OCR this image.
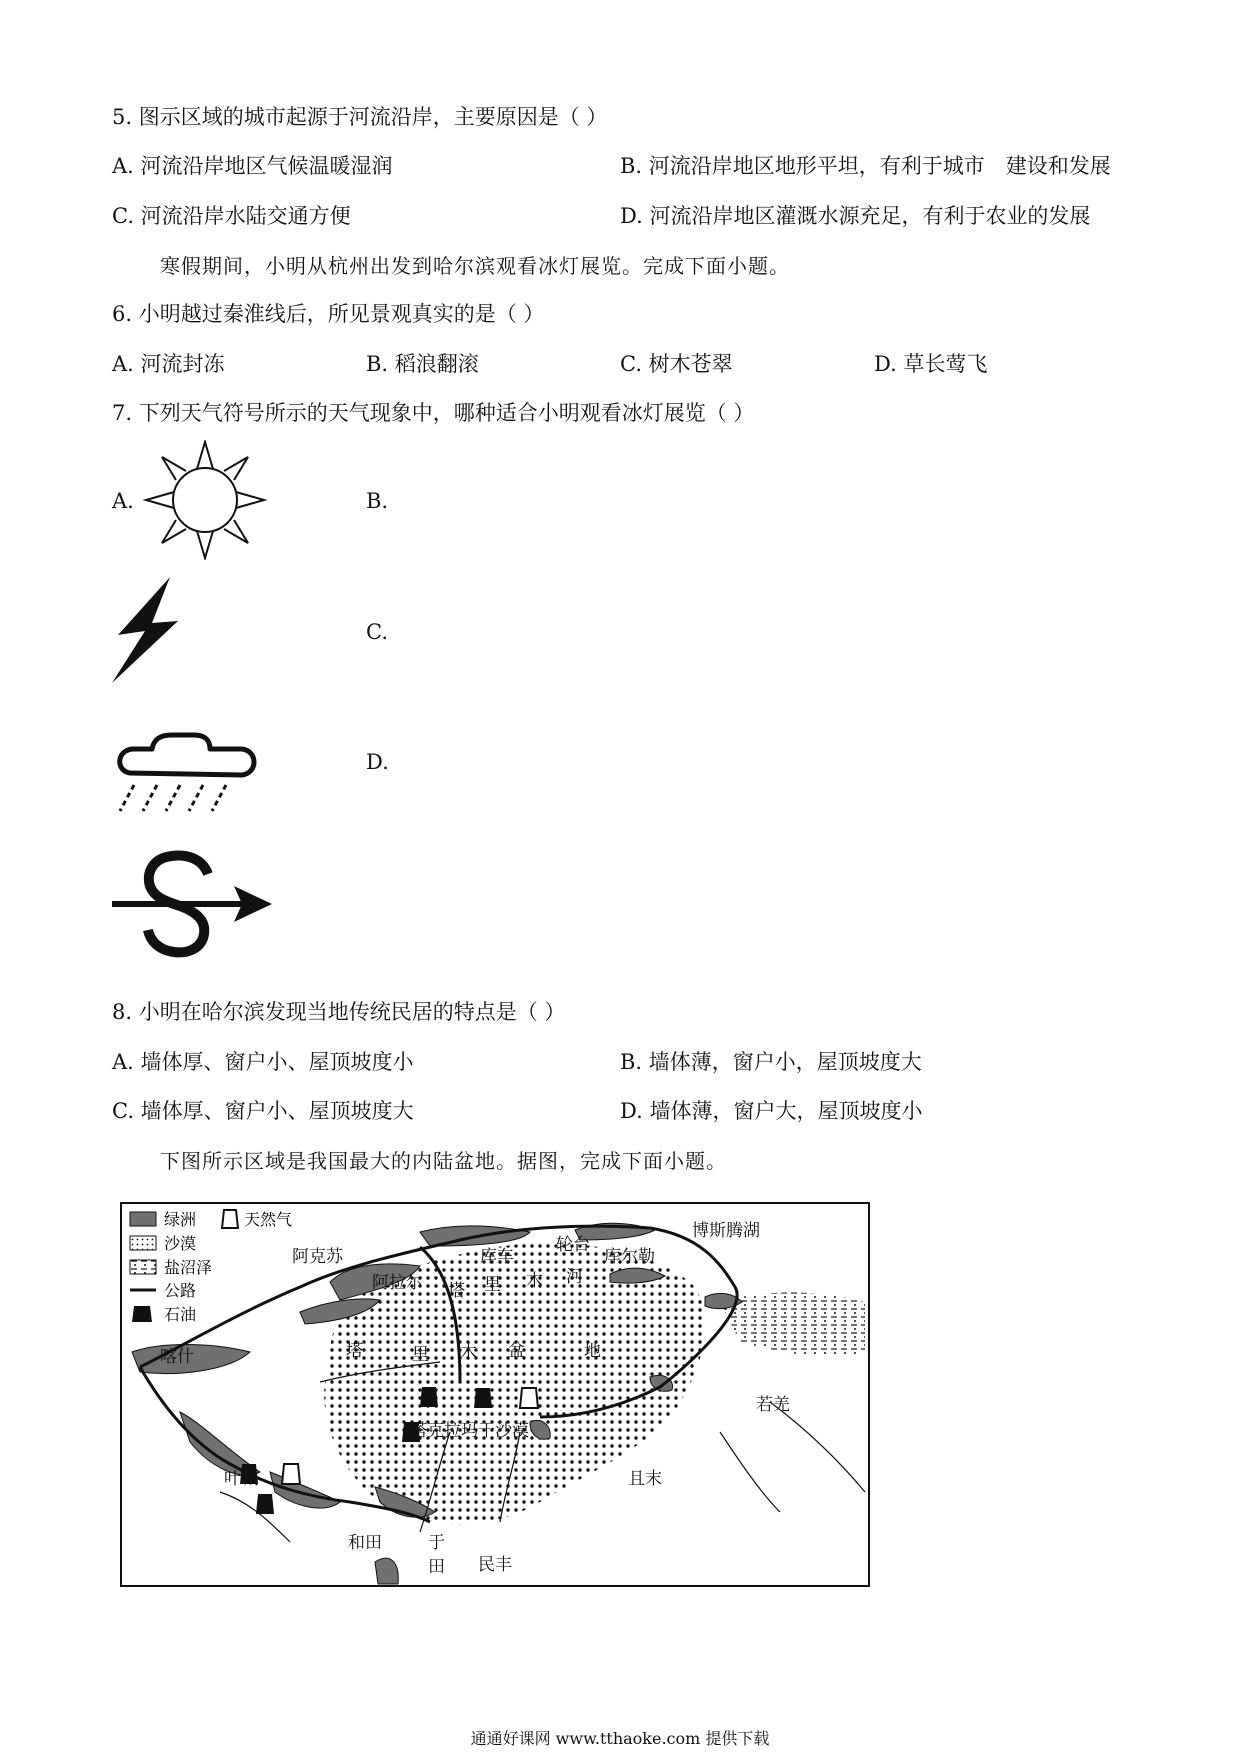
5. 图示区域的城市起源于河流沿岸，主要原因是（ ）
A. 河流沿岸地区气候温暖湿润	B. 河流沿岸地区地形平坦，有利于城市　建设和发展
C. 河流沿岸水陆交通方便	D. 河流沿岸地区灌溉水源充足，有利于农业的发展
寒假期间，小明从杭州出发到哈尔滨观看冰灯展览。完成下面小题。
6. 小明越过秦淮线后，所见景观真实的是（ ）
A. 河流封冻	B. 稻浪翻滚	C. 树木苍翠	D. 草长莺飞
7. 下列天气符号所示的天气现象中，哪种适合小明观看冰灯展览（ ）
A.	B.
C.
D.
8. 小明在哈尔滨发现当地传统民居的特点是（ ）
A. 墙体厚、窗户小、屋顶坡度小	B. 墙体薄，窗户小，屋顶坡度大
C. 墙体厚、窗户小、屋顶坡度大	D. 墙体薄，窗户大，屋顶坡度小
下图所示区域是我国最大的内陆盆地。据图，完成下面小题。
绿洲	天然气
沙漠
盐沼泽
公路
石油
博斯腾湖
阿克苏	库车
轮台
库尔勒
阿拉尔
喀什
若羌
叶城	且末
和田	于
田 民丰
塔克拉玛干沙漠
塔 里 木 河
塔	里 木 盆	地
通通好课网 www.tthaoke.com 提供下载
